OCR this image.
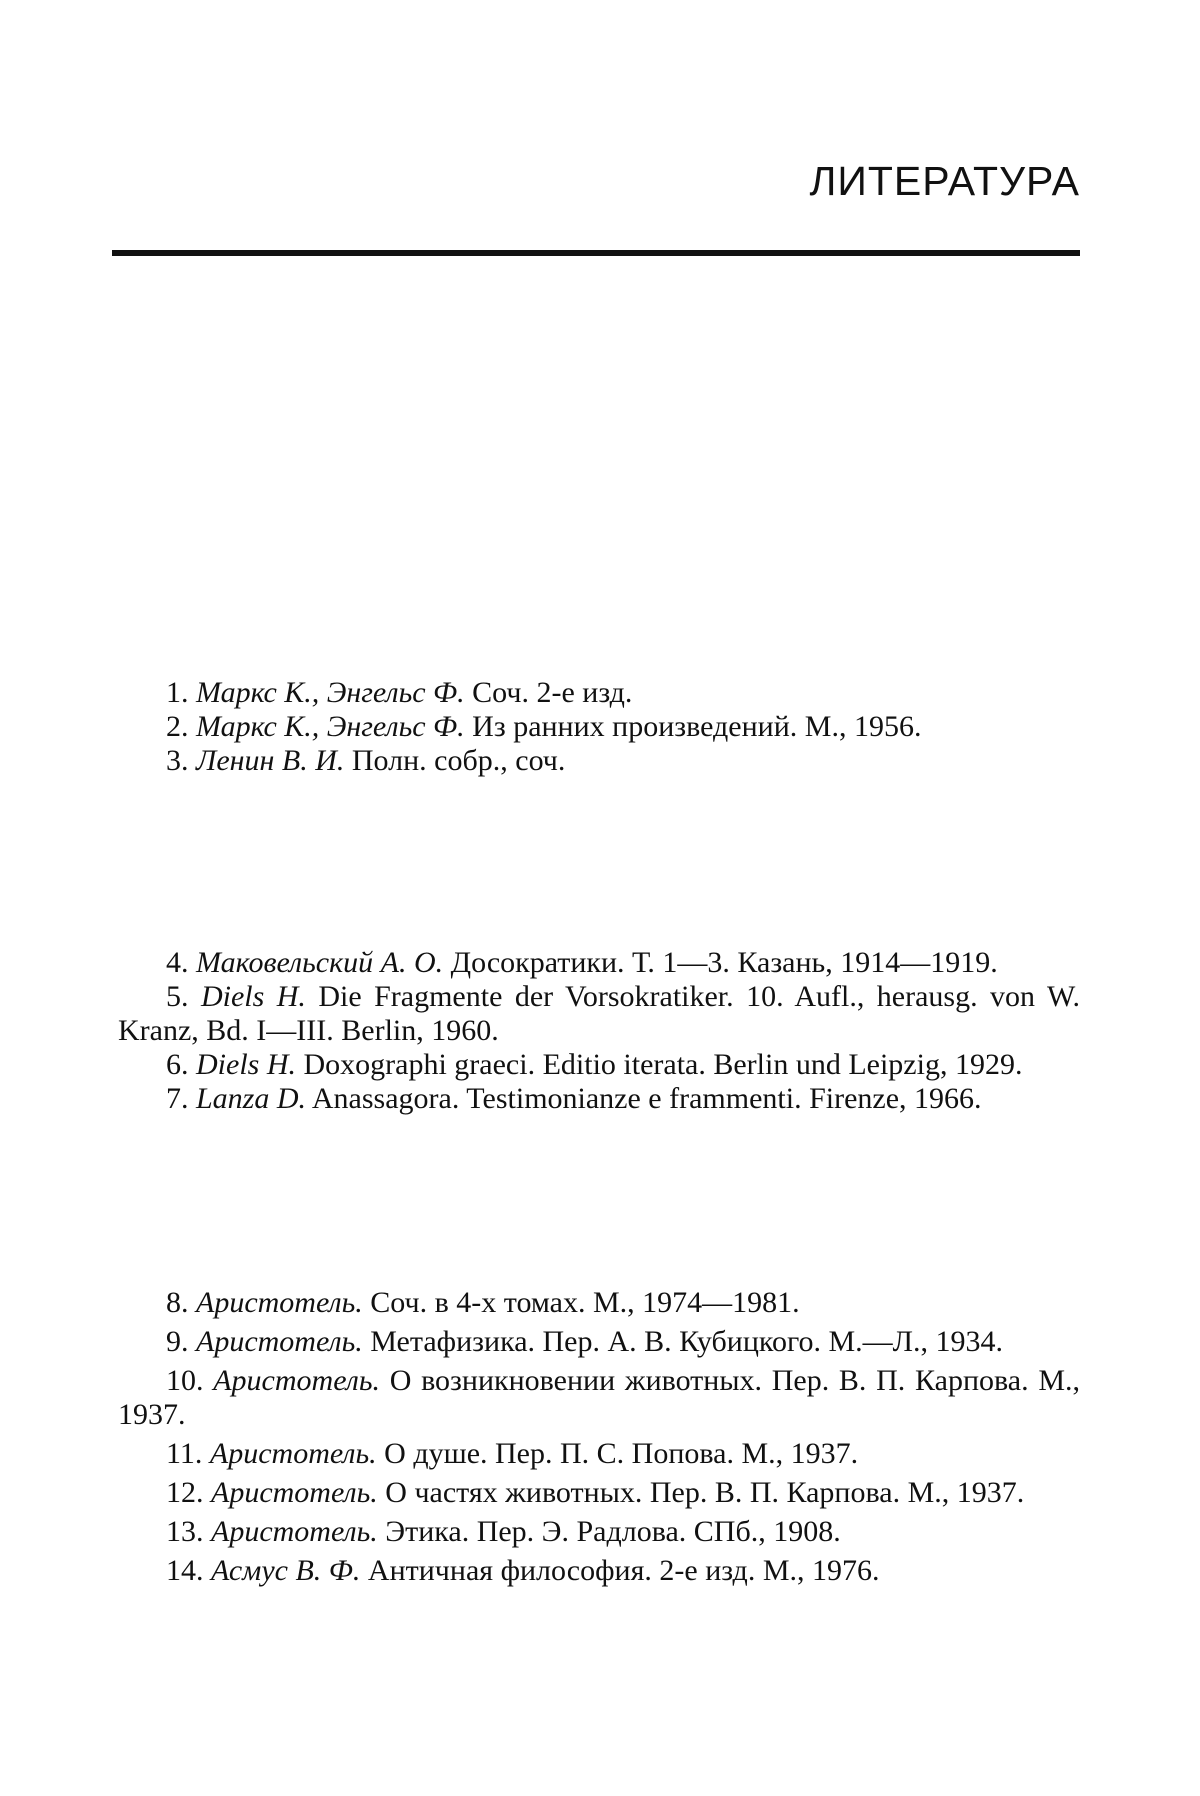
ЛИТЕРАТУРА

1. Маркс К., Энгельс Ф. Соч. 2-е изд.

2. Маркс К., Энгельс Ф. Из ранних произведений. М., 1956.

3. Ленин В. И. Полн. собр., соч.

4. Маковельский А. О. Досократики. Т. 1—3. Казань, 1914—1919.

5. Diels H. Die Fragmente der Vorsokratiker. 10. Aufl., herausg. von W. Kranz, Bd. I—III. Berlin, 1960.

6. Diels H. Doxographi graeci. Editio iterata. Berlin und Leipzig, 1929.

7. Lanza D. Anassagora. Testimonianze e frammenti. Firenze, 1966.

8. Аристотель. Соч. в 4-х томах. М., 1974—1981.

9. Аристотель. Метафизика. Пер. А. В. Кубицкого. М.—Л., 1934.

10. Аристотель. О возникновении животных. Пер. В. П. Карпова. М., 1937.

11. Аристотель. О душе. Пер. П. С. Попова. М., 1937.

12. Аристотель. О частях животных. Пер. В. П. Карпова. М., 1937.

13. Аристотель. Этика. Пер. Э. Радлова. СПб., 1908.

14. Асмус В. Ф. Античная философия. 2-е изд. М., 1976.
